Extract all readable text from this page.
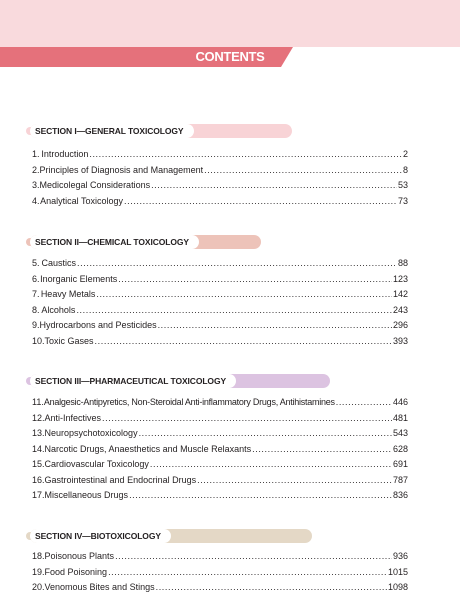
CONTENTS
SECTION I—GENERAL TOXICOLOGY
1. Introduction .....	2
2. Principles of Diagnosis and Management .....	8
3. Medicolegal Considerations .....	53
4. Analytical Toxicology .....	73
SECTION II—CHEMICAL TOXICOLOGY
5. Caustics .....	88
6. Inorganic Elements .....	123
7. Heavy Metals .....	142
8. Alcohols .....	243
9. Hydrocarbons and Pesticides .....	296
10. Toxic Gases .....	393
SECTION III—PHARMACEUTICAL TOXICOLOGY
11. Analgesic-Antipyretics, Non-Steroidal Anti-inflammatory Drugs, Antihistamines .....	446
12. Anti-Infectives .....	481
13. Neuropsychotoxicology .....	543
14. Narcotic Drugs, Anaesthetics and Muscle Relaxants .....	628
15. Cardiovascular Toxicology .....	691
16. Gastrointestinal and Endocrinal Drugs .....	787
17. Miscellaneous Drugs .....	836
SECTION IV—BIOTOXICOLOGY
18. Poisonous Plants .....	936
19. Food Poisoning .....	1015
20. Venomous Bites and Stings .....	1098
